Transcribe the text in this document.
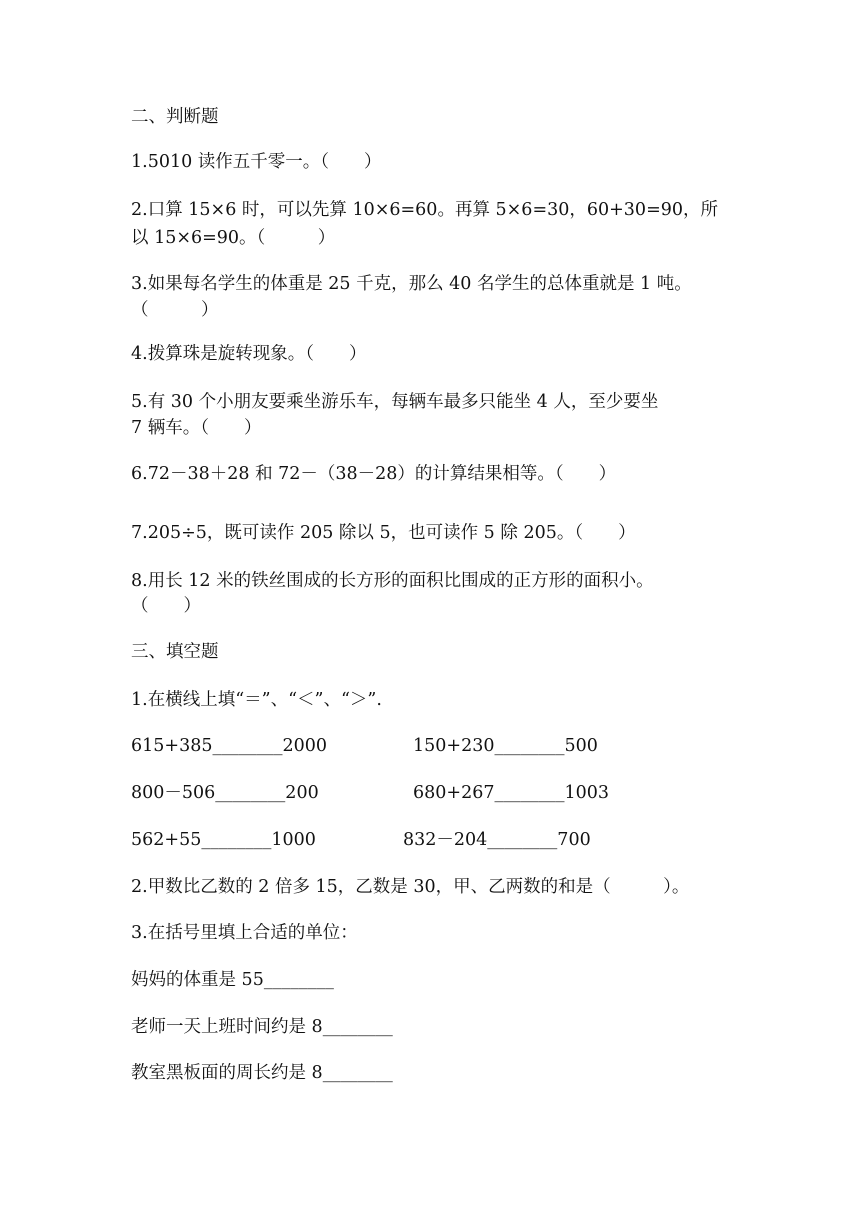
二、判断题

1.5010 读作五千零一。（　　）

2.口算 15×6 时，可以先算 10×6=60。再算 5×6=30，60+30=90，所

以 15×6=90。（　　　）

3.如果每名学生的体重是 25 千克，那么 40 名学生的总体重就是 1 吨。

（　　　）

4.拨算珠是旋转现象。（　　）

5.有 30 个小朋友要乘坐游乐车，每辆车最多只能坐 4 人，至少要坐

7 辆车。（　　）

6.72－38＋28 和 72－（38－28）的计算结果相等。（　　）

7.205÷5，既可读作 205 除以 5，也可读作 5 除 205。（　　）

8.用长 12 米的铁丝围成的长方形的面积比围成的正方形的面积小。

（　　）

三、填空题

1.在横线上填“＝”、“＜”、“＞”.

615+385________2000	150+230________500
800－506________200	680+267________1003
562+55________1000	832－204________700

2.甲数比乙数的 2 倍多 15，乙数是 30，甲、乙两数的和是（　　　）。

3.在括号里填上合适的单位：

妈妈的体重是 55________

老师一天上班时间约是 8________

教室黑板面的周长约是 8________
